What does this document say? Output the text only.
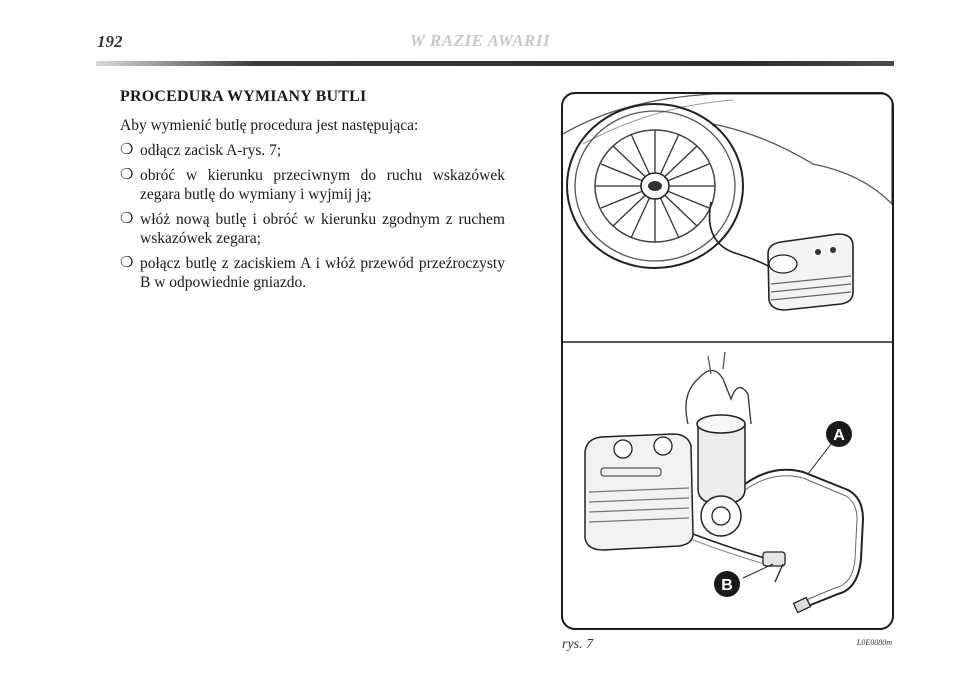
192	W RAZIE AWARII
PROCEDURA WYMIANY BUTLI
Aby wymienić butlę procedura jest następująca:
❍ odłącz zacisk A-rys. 7;
❍ obróć w kierunku przeciwnym do ruchu wskazówek zegara butlę do wymiany i wyjmij ją;
❍ włóż nową butlę i obróć w kierunku zgodnym z ruchem wskazówek zegara;
❍ połącz butlę z zaciskiem A i włóż przewód przeźroczysty B w odpowiednie gniazdo.
A
B
rys. 7	L0E0080m
